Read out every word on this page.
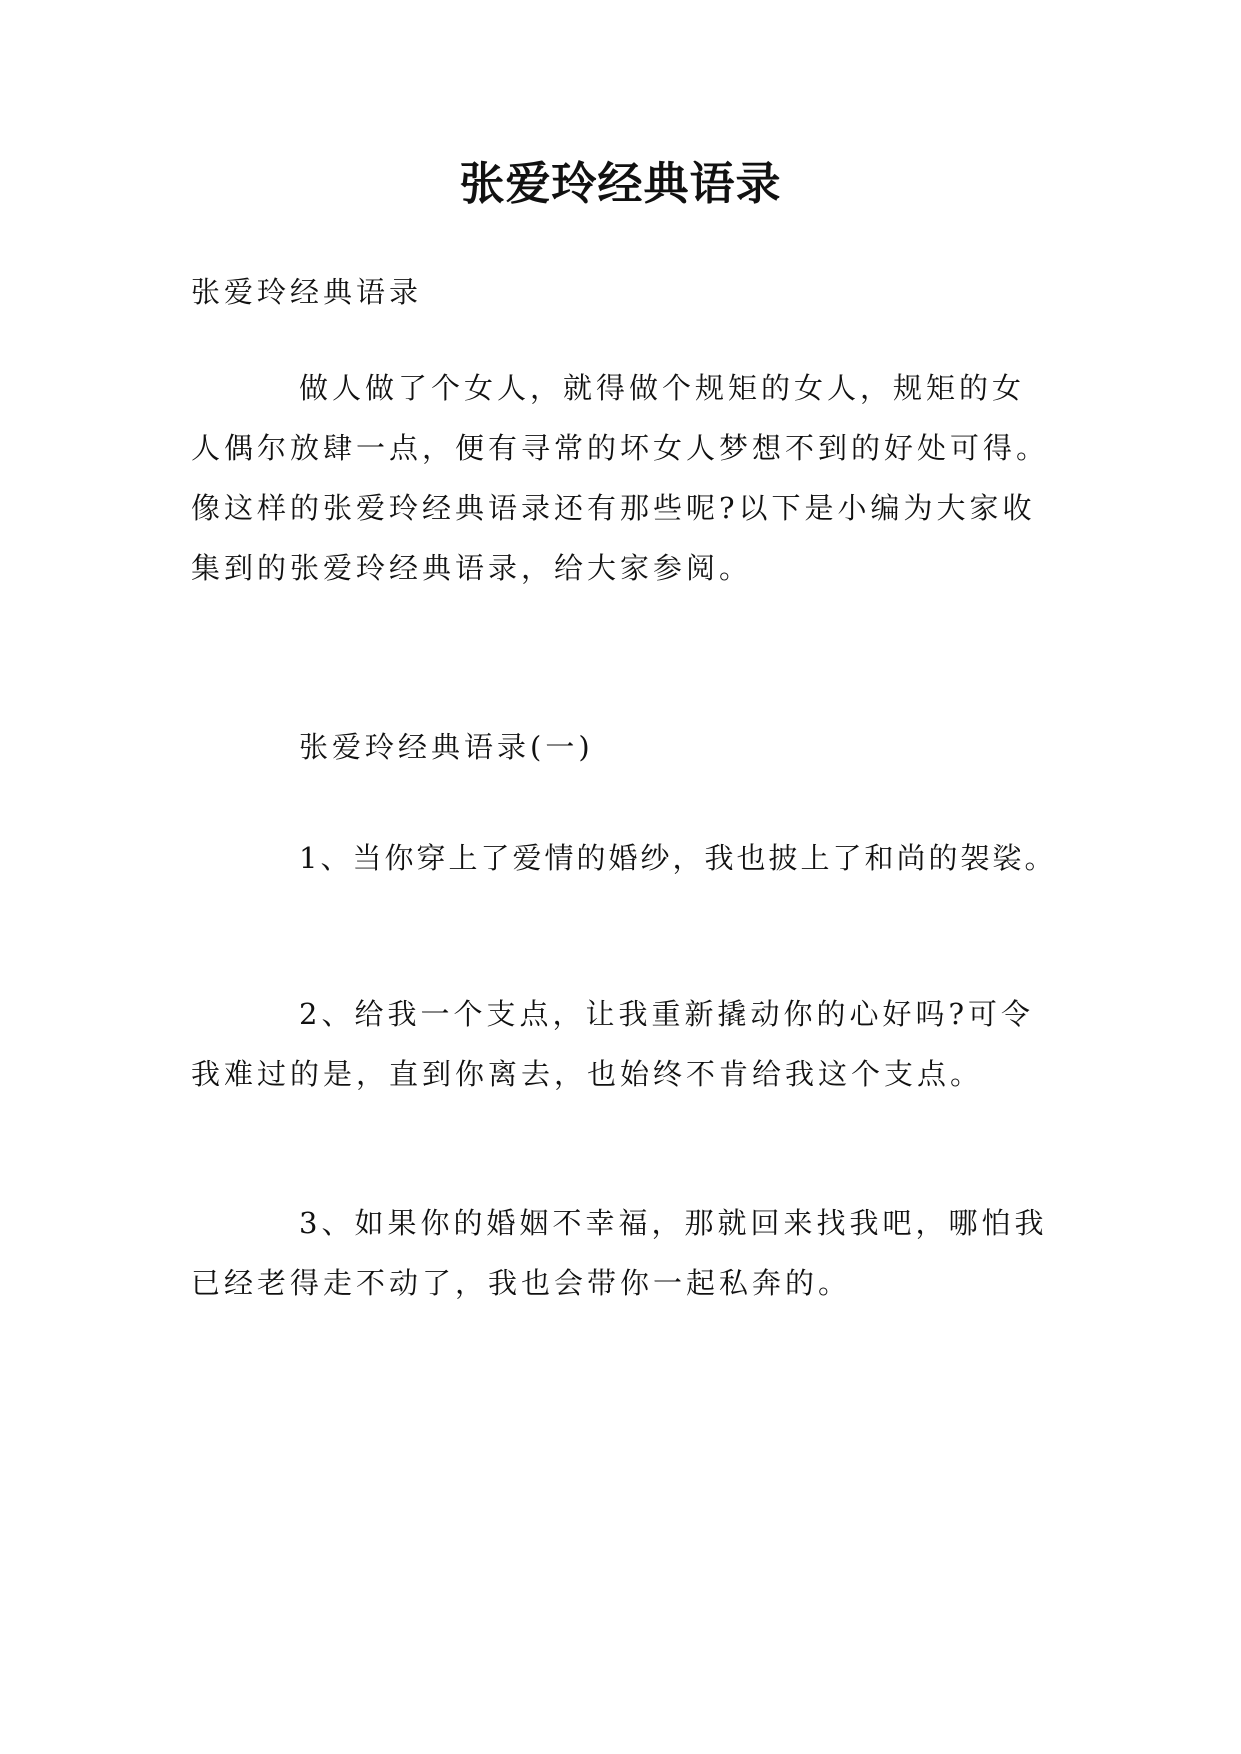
张爱玲经典语录

张爱玲经典语录

做人做了个女人，就得做个规矩的女人，规矩的女人偶尔放肆一点，便有寻常的坏女人梦想不到的好处可得。像这样的张爱玲经典语录还有那些呢?以下是小编为大家收集到的张爱玲经典语录，给大家参阅。

张爱玲经典语录(一)

1、当你穿上了爱情的婚纱，我也披上了和尚的袈裟。

2、给我一个支点，让我重新撬动你的心好吗?可令我难过的是，直到你离去，也始终不肯给我这个支点。

3、如果你的婚姻不幸福，那就回来找我吧，哪怕我已经老得走不动了，我也会带你一起私奔的。
